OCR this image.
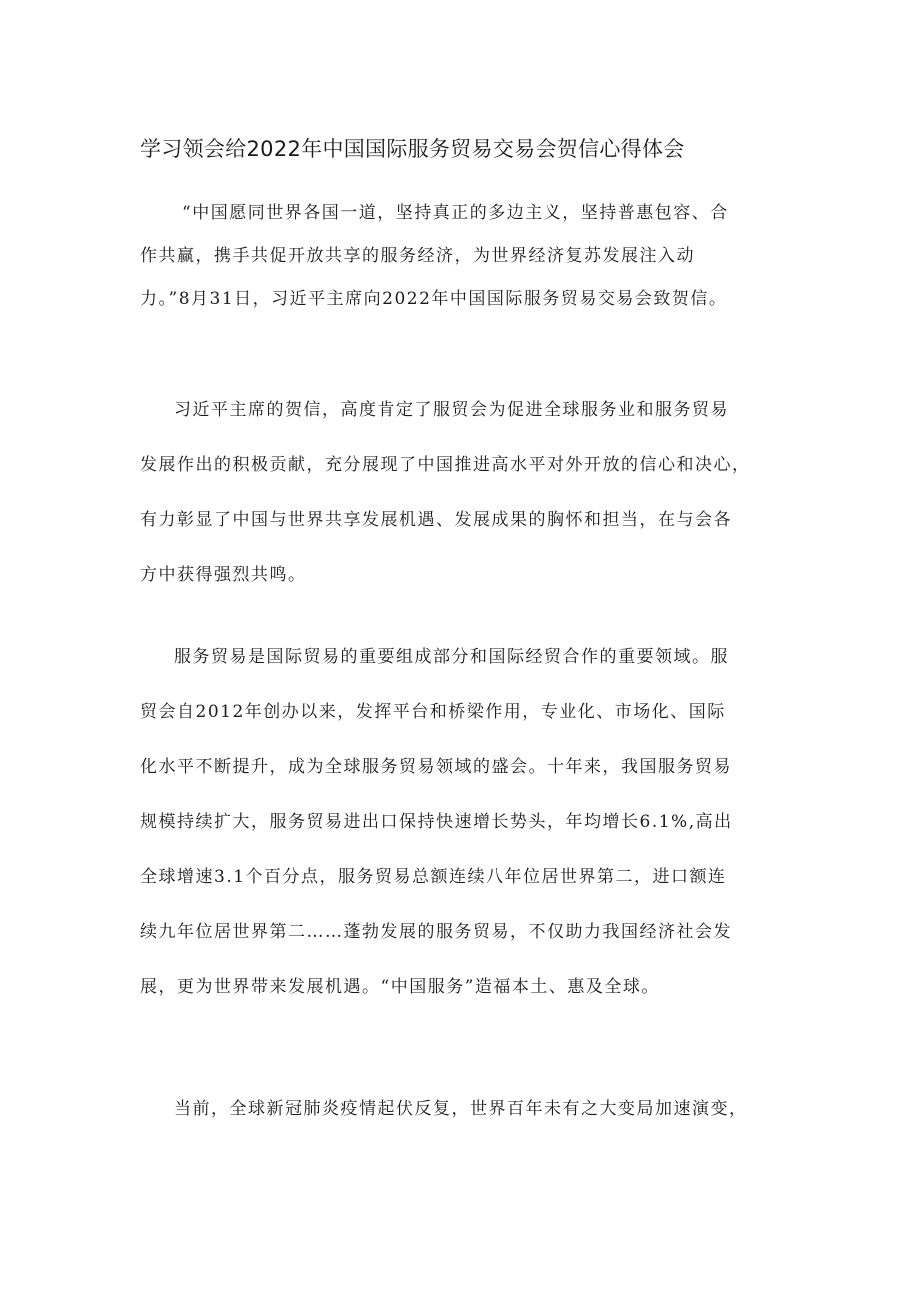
学习领会给2022年中国国际服务贸易交易会贺信心得体会
“中国愿同世界各国一道，坚持真正的多边主义，坚持普惠包容、合
作共赢，携手共促开放共享的服务经济，为世界经济复苏发展注入动
力。”8月31日，习近平主席向2022年中国国际服务贸易交易会致贺信。
习近平主席的贺信，高度肯定了服贸会为促进全球服务业和服务贸易
发展作出的积极贡献，充分展现了中国推进高水平对外开放的信心和决心，
有力彰显了中国与世界共享发展机遇、发展成果的胸怀和担当，在与会各
方中获得强烈共鸣。
服务贸易是国际贸易的重要组成部分和国际经贸合作的重要领域。服
贸会自2012年创办以来，发挥平台和桥梁作用，专业化、市场化、国际
化水平不断提升，成为全球服务贸易领域的盛会。十年来，我国服务贸易
规模持续扩大，服务贸易进出口保持快速增长势头，年均增长6.1%,高出
全球增速3.1个百分点，服务贸易总额连续八年位居世界第二，进口额连
续九年位居世界第二……蓬勃发展的服务贸易，不仅助力我国经济社会发
展，更为世界带来发展机遇。“中国服务”造福本土、惠及全球。
当前，全球新冠肺炎疫情起伏反复，世界百年未有之大变局加速演变，
